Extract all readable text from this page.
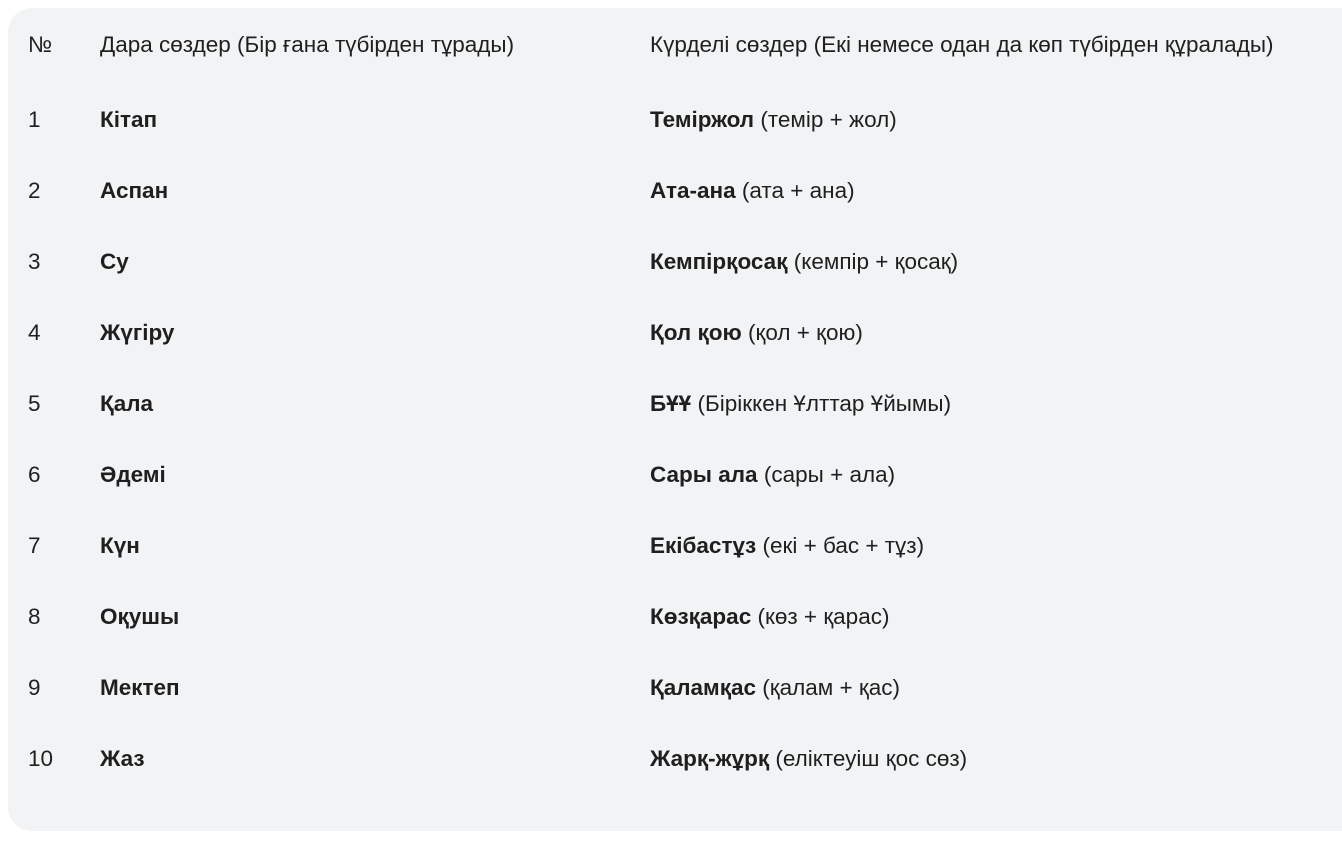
№	Дара сөздер (Бір ғана түбірден тұрады)	Күрделі сөздер (Екі немесе одан да көп түбірден құралады)
1	Кітап	Теміржол (темір + жол)
2	Аспан	Ата-ана (ата + ана)
3	Су	Кемпірқосақ (кемпір + қосақ)
4	Жүгіру	Қол қою (қол + қою)
5	Қала	БҰҰ (Біріккен Ұлттар Ұйымы)
6	Әдемі	Сары ала (сары + ала)
7	Күн	Екібастұз (екі + бас + тұз)
8	Оқушы	Көзқарас (көз + қарас)
9	Мектеп	Қаламқас (қалам + қас)
10	Жаз	Жарқ-жұрқ (еліктеуіш қос сөз)
